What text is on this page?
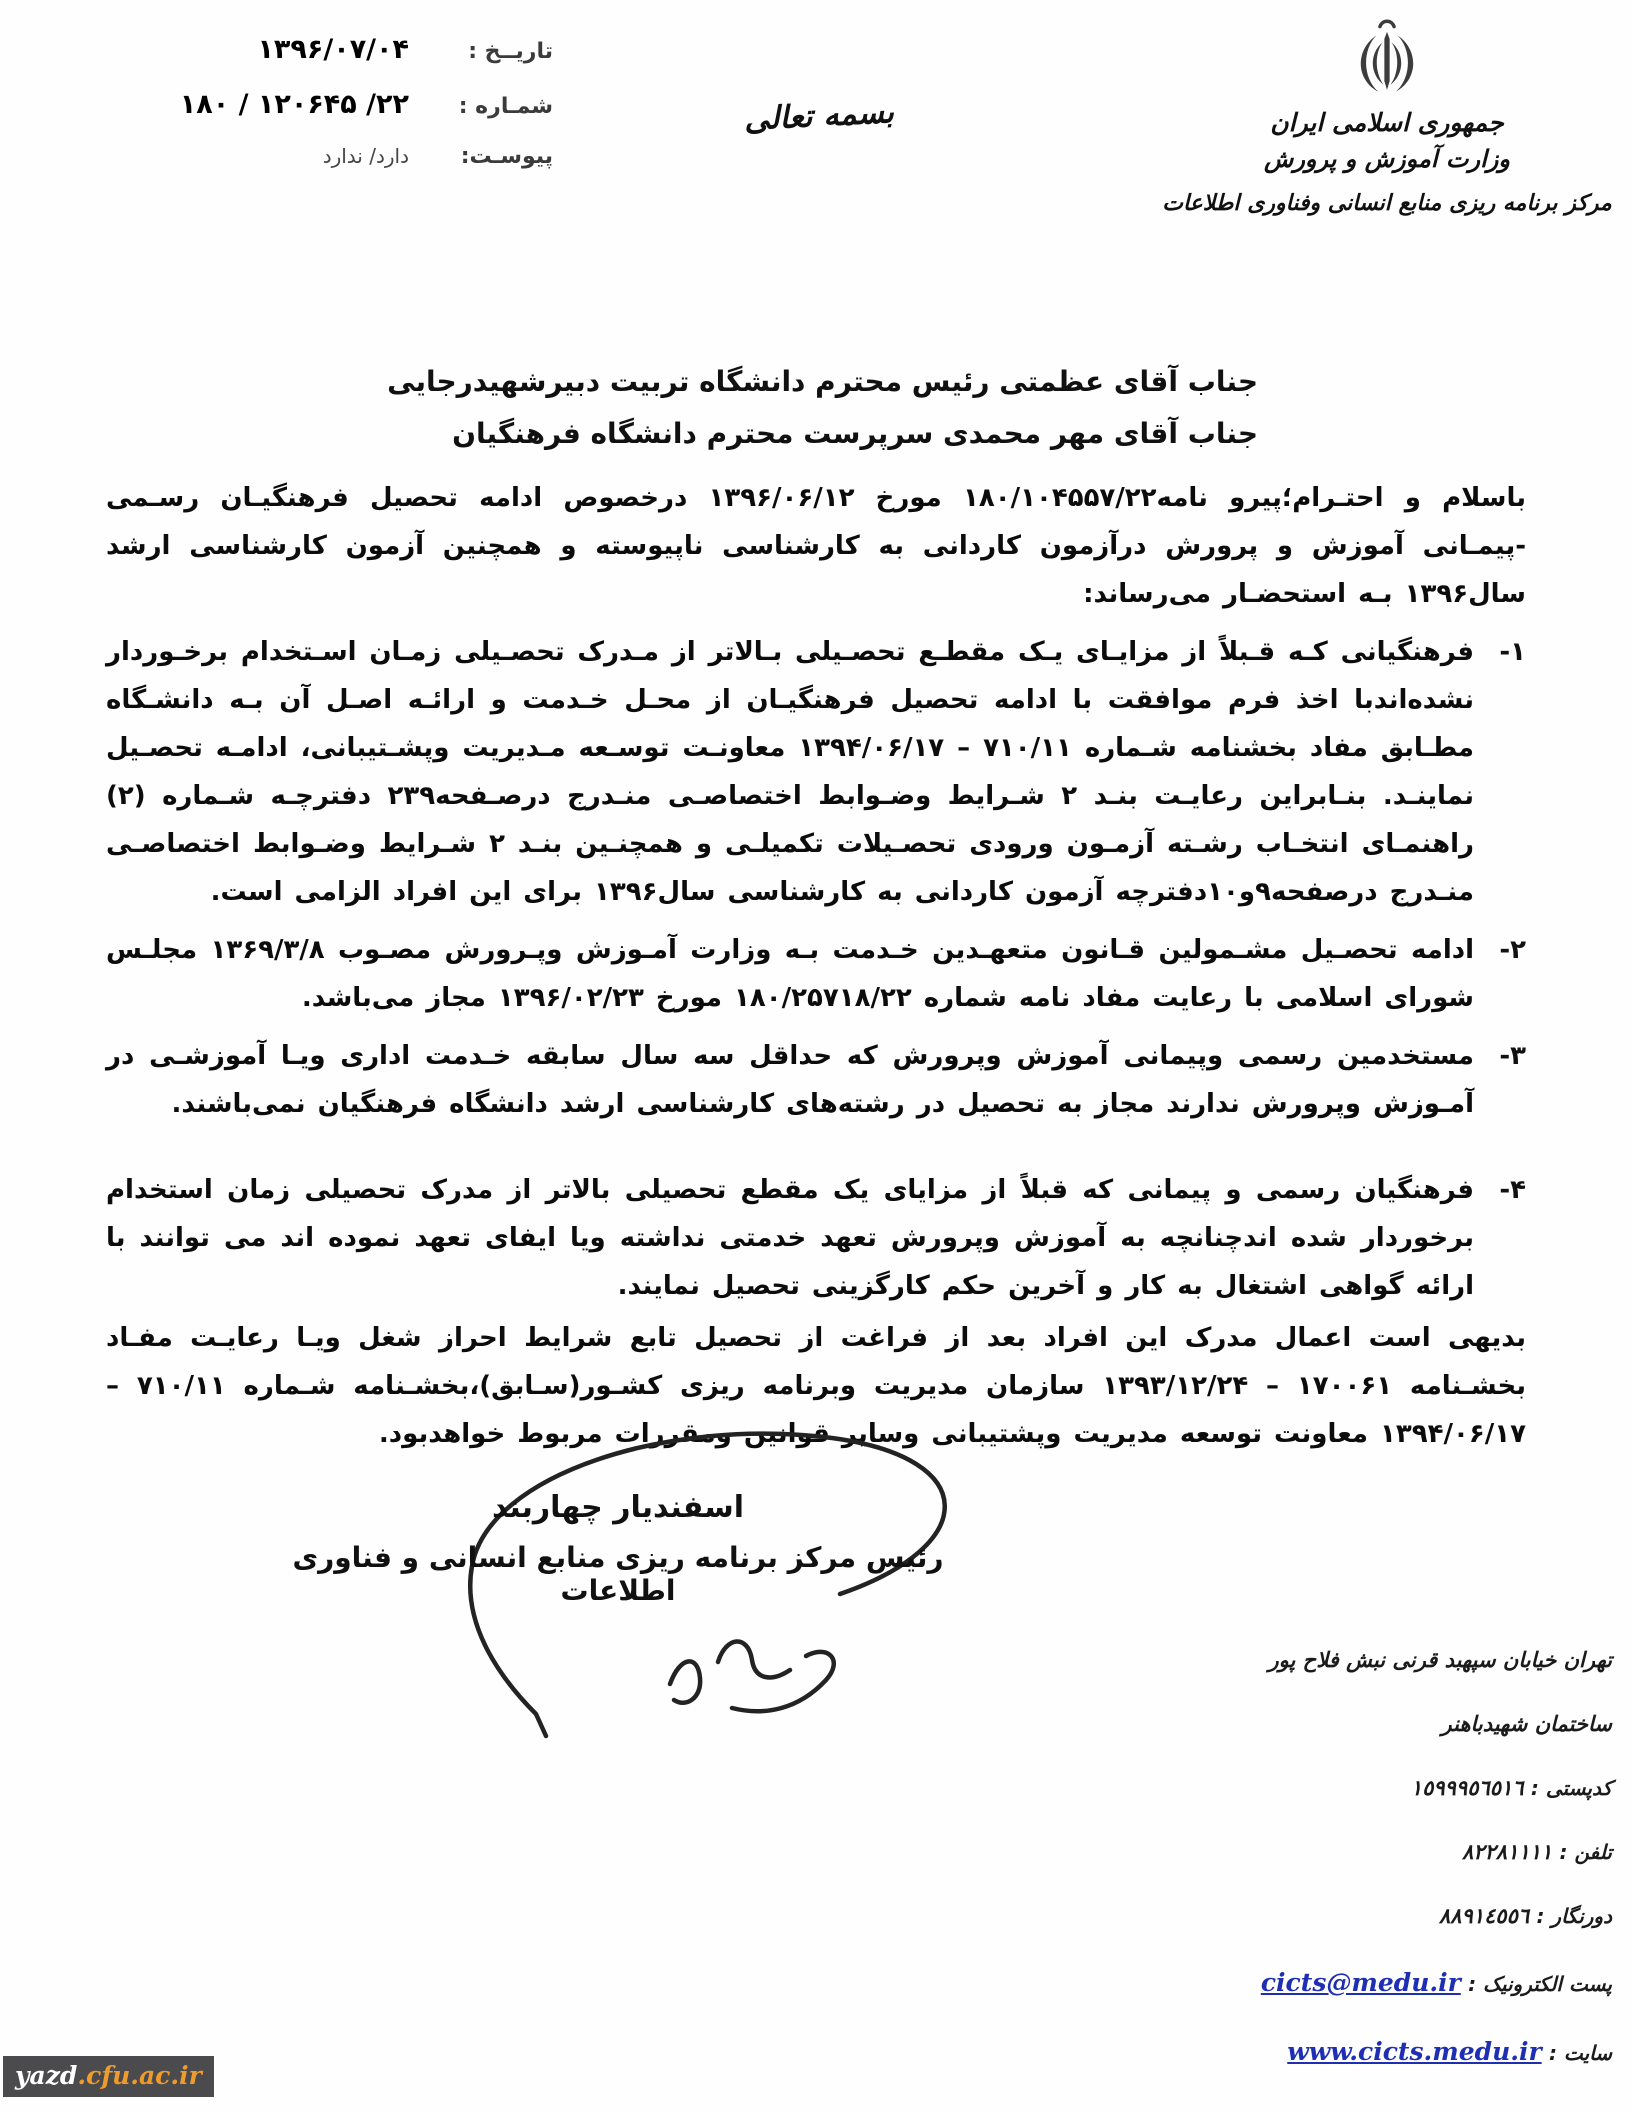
تاريــخ :
۱۳۹۶/۰۷/۰۴
شمـاره :
۲۲/ ۱۲۰۶۴۵ / ۱۸۰
پيوسـت:
دارد/ ندارد
بسمه تعالی	جمهوری اسلامی ایران
وزارت آموزش و پرورش
مرکز برنامه ریزی منابع انسانی وفناوری اطلاعات
جناب آقای عظمتی رئیس محترم دانشگاه تربیت دبیرشهیدرجایی
جناب آقای مهر محمدی سرپرست محترم دانشگاه فرهنگیان
باسلام و احتـرام؛پیرو نامه۱۸۰/۱۰۴۵۵۷/۲۲ مورخ ۱۳۹۶/۰۶/۱۲ درخصوص ادامه تحصیل فرهنگیـان رسـمی -پیمـانی آموزش و پرورش درآزمون کاردانی به کارشناسی ناپیوسته و همچنین آزمون کارشناسی ارشد سال۱۳۹۶ بـه استحضـار می‌رساند:
۱-
فرهنگیانی کـه قـبلاً از مزایـای یـک مقطـع تحصـیلی بـالاتر از مـدرک تحصـیلی زمـان اسـتخدام برخـوردار نشده‌اندبا اخذ فرم موافقت با ادامه تحصیل فرهنگیـان از محـل خـدمت و ارائـه اصـل آن بـه دانشـگاه مطـابق مفاد بخشنامه شـماره ۷۱۰/۱۱ – ۱۳۹۴/۰۶/۱۷ معاونـت توسـعه مـدیریت وپشـتیبانی، ادامـه تحصـیل نماینـد. بنـابراین رعایـت بنـد ۲ شـرایط وضـوابط اختصاصـی منـدرج درصـفحه۲۳۹ دفترچـه شـماره (۲) راهنمـای انتخـاب رشـته آزمـون ورودی تحصـیلات تکمیلـی و همچنـین بنـد ۲ شـرایط وضـوابط اختصاصـی منـدرج درصفحه۹و۱۰دفترچه آزمون کاردانی به کارشناسی سال۱۳۹۶ برای این افراد الزامی است.
۲-
ادامه تحصـیل مشـمولین قـانون متعهـدین خـدمت بـه وزارت آمـوزش وپـرورش مصـوب ۱۳۶۹/۳/۸ مجلـس شورای اسلامی با رعایت مفاد نامه شماره ۱۸۰/۲۵۷۱۸/۲۲ مورخ ۱۳۹۶/۰۲/۲۳ مجاز می‌باشد.
۳-
مستخدمین رسمی وپیمانی آموزش وپرورش که حداقل سه سال سابقه خـدمت اداری ویـا آموزشـی در آمـوزش وپرورش ندارند مجاز به تحصیل در رشته‌های کارشناسی ارشد دانشگاه فرهنگیان نمی‌باشند.
۴-
فرهنگیان رسمی و پیمانی که قبلاً از مزایای یک مقطع تحصیلی بالاتر از مدرک تحصیلی زمان استخدام برخوردار شده اندچنانچه به آموزش وپرورش تعهد خدمتی نداشته ویا ایفای تعهد نموده اند می توانند با ارائه گواهی اشتغال به کار و آخرین حکم کارگزینی تحصیل نمایند.
بدیهی است اعمال مدرک این افراد بعد از فراغت از تحصیل تابع شرایط احراز شغل ویـا رعایـت مفـاد بخشـنامه ۱۷۰۰۶۱ – ۱۳۹۳/۱۲/۲۴ سازمان مدیریت وبرنامه ریزی کشـور(سـابق)،بخشـنامه شـماره ۷۱۰/۱۱ – ۱۳۹۴/۰۶/۱۷ معاونت توسعه مدیریت وپشتیبانی وسایر قوانین ومقررات مربوط خواهدبود.
اسفندیار چهاربند
رئیس مرکز برنامه ریزی منابع انسانی و فناوری اطلاعات
تهران خیابان سپهبد قرنی نبش فلاح پور
ساختمان شهیدباهنر
کدپستی : ١٥٩٩٩٥٦٥١٦
تلفن : ٨٢٢٨١١١١
دورنگار : ٨٨٩١٤٥٥٦
پست الکترونیک : cicts@medu.ir
سایت : www.cicts.medu.ir
yazd.cfu.ac.ir
